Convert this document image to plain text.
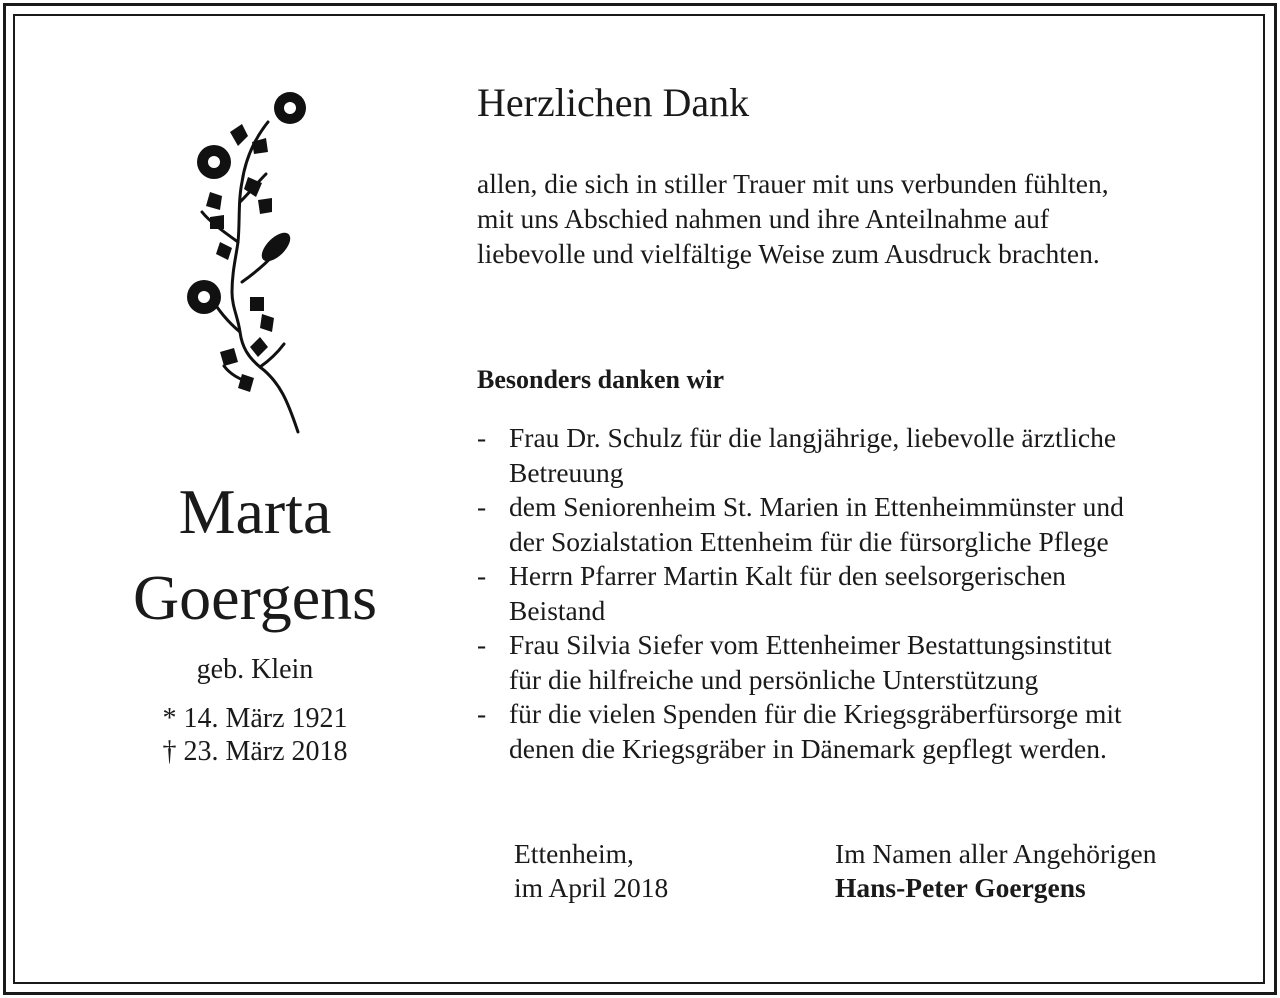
Marta
Goergens
geb. Klein
* 14. März 1921
† 23. März 2018
Herzlichen Dank
allen, die sich in stiller Trauer mit uns verbunden fühlten,
mit uns Abschied nahmen und ihre Anteilnahme auf
liebevolle und vielfältige Weise zum Ausdruck brachten.
Besonders danken wir
- Frau Dr. Schulz für die langjährige, liebevolle ärztliche
Betreuung
- dem Seniorenheim St. Marien in Ettenheimmünster und
der Sozialstation Ettenheim für die fürsorgliche Pflege
- Herrn Pfarrer Martin Kalt für den seelsorgerischen
Beistand
- Frau Silvia Siefer vom Ettenheimer Bestattungsinstitut
für die hilfreiche und persönliche Unterstützung
- für die vielen Spenden für die Kriegsgräberfürsorge mit
denen die Kriegsgräber in Dänemark gepflegt werden.
Ettenheim,
im April 2018
Im Namen aller Angehörigen
Hans-Peter Goergens
